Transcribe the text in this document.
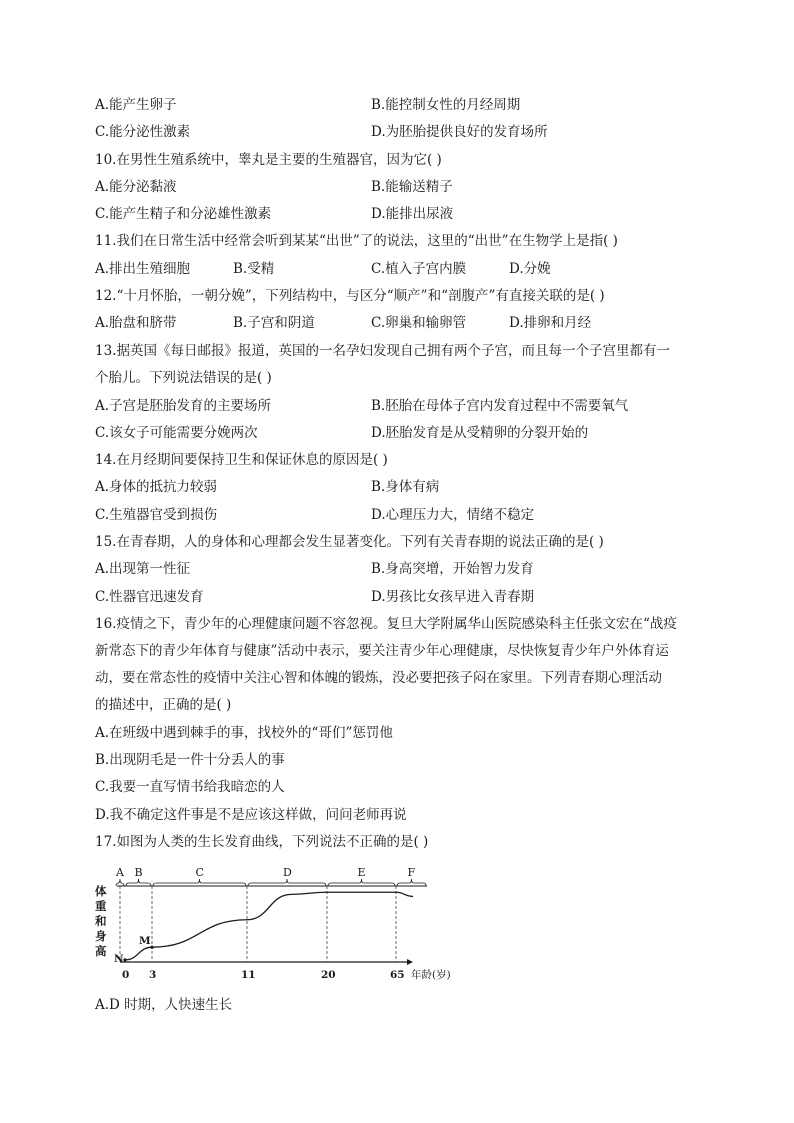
A.能产生卵子	B.能控制女性的月经周期
C.能分泌性激素	D.为胚胎提供良好的发育场所
10.在男性生殖系统中，睾丸是主要的生殖器官，因为它( )
A.能分泌黏液	B.能输送精子
C.能产生精子和分泌雄性激素	D.能排出尿液
11.我们在日常生活中经常会听到某某“出世”了的说法，这里的“出世”在生物学上是指( )
A.排出生殖细胞	B.受精	C.植入子宫内膜	D.分娩
12.“十月怀胎，一朝分娩”，下列结构中，与区分“顺产”和“剖腹产”有直接关联的是( )
A.胎盘和脐带	B.子宫和阴道	C.卵巢和输卵管	D.排卵和月经
13.据英国《每日邮报》报道，英国的一名孕妇发现自己拥有两个子宫，而且每一个子宫里都有一
个胎儿。下列说法错误的是( )
A.子宫是胚胎发育的主要场所	B.胚胎在母体子宫内发育过程中不需要氧气
C.该女子可能需要分娩两次	D.胚胎发育是从受精卵的分裂开始的
14.在月经期间要保持卫生和保证休息的原因是( )
A.身体的抵抗力较弱	B.身体有病
C.生殖器官受到损伤	D.心理压力大，情绪不稳定
15.在青春期，人的身体和心理都会发生显著变化。下列有关青春期的说法正确的是( )
A.出现第一性征	B.身高突增，开始智力发育
C.性器官迅速发育	D.男孩比女孩早进入青春期
16.疫情之下，青少年的心理健康问题不容忽视。复旦大学附属华山医院感染科主任张文宏在“战疫
新常态下的青少年体育与健康”活动中表示，要关注青少年心理健康，尽快恢复青少年户外体育运
动，要在常态性的疫情中关注心智和体魄的锻炼，没必要把孩子闷在家里。下列青春期心理活动
的描述中，正确的是( )
A.在班级中遇到棘手的事，找校外的“哥们”惩罚他
B.出现阴毛是一件十分丢人的事
C.我要一直写情书给我暗恋的人
D.我不确定这件事是不是应该这样做，问问老师再说
17.如图为人类的生长发育曲线，下列说法不正确的是( )
体
重
和
身
高
A B	C	D	E	F
0 3	11	20	65
N
M
年龄(岁)
A.D 时期，人快速生长
